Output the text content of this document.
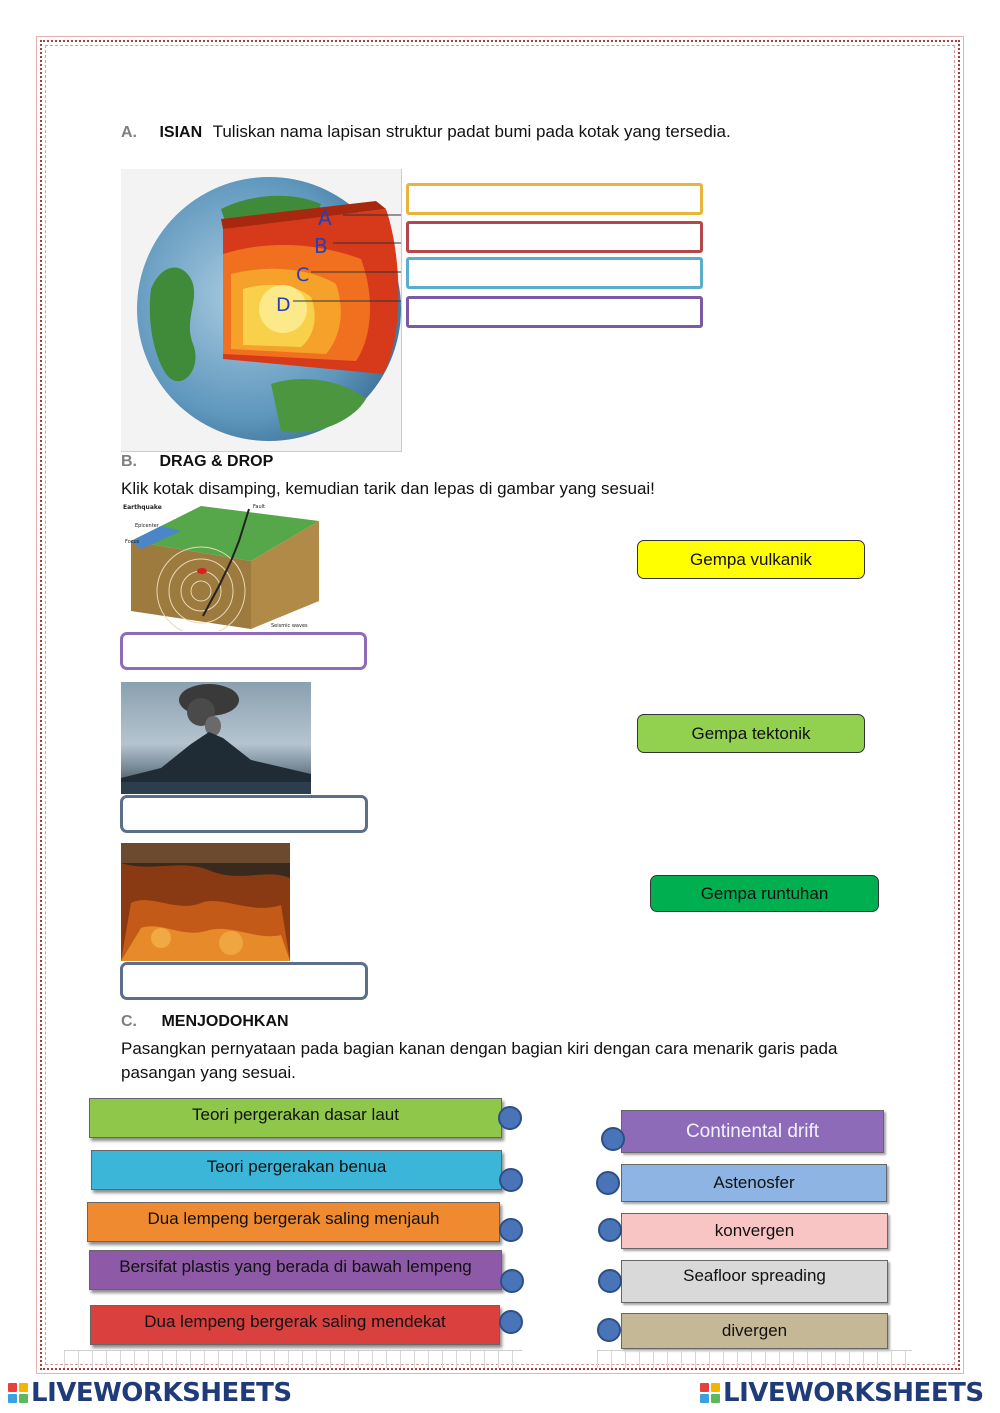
A. ISIAN Tuliskan nama lapisan struktur padat bumi pada kotak yang tersedia.
A
B
C
D
B. DRAG & DROP
Klik kotak disamping, kemudian tarik dan lepas di gambar yang sesuai!
Earthquake	Fault
Epicenter
Focus
Seismic waves
Gempa vulkanik
Gempa tektonik
Gempa runtuhan
C. MENJODOHKAN
Pasangkan pernyataan pada bagian kanan dengan bagian kiri dengan cara menarik garis pada pasangan yang sesuai.
Teori pergerakan dasar laut
Teori pergerakan benua
Dua lempeng bergerak saling menjauh
Bersifat plastis yang berada di bawah lempeng
Dua lempeng bergerak saling mendekat
Continental drift
Astenosfer
konvergen
Seafloor spreading
divergen
LIVEWORKSHEETS	LIVEWORKSHEETS
